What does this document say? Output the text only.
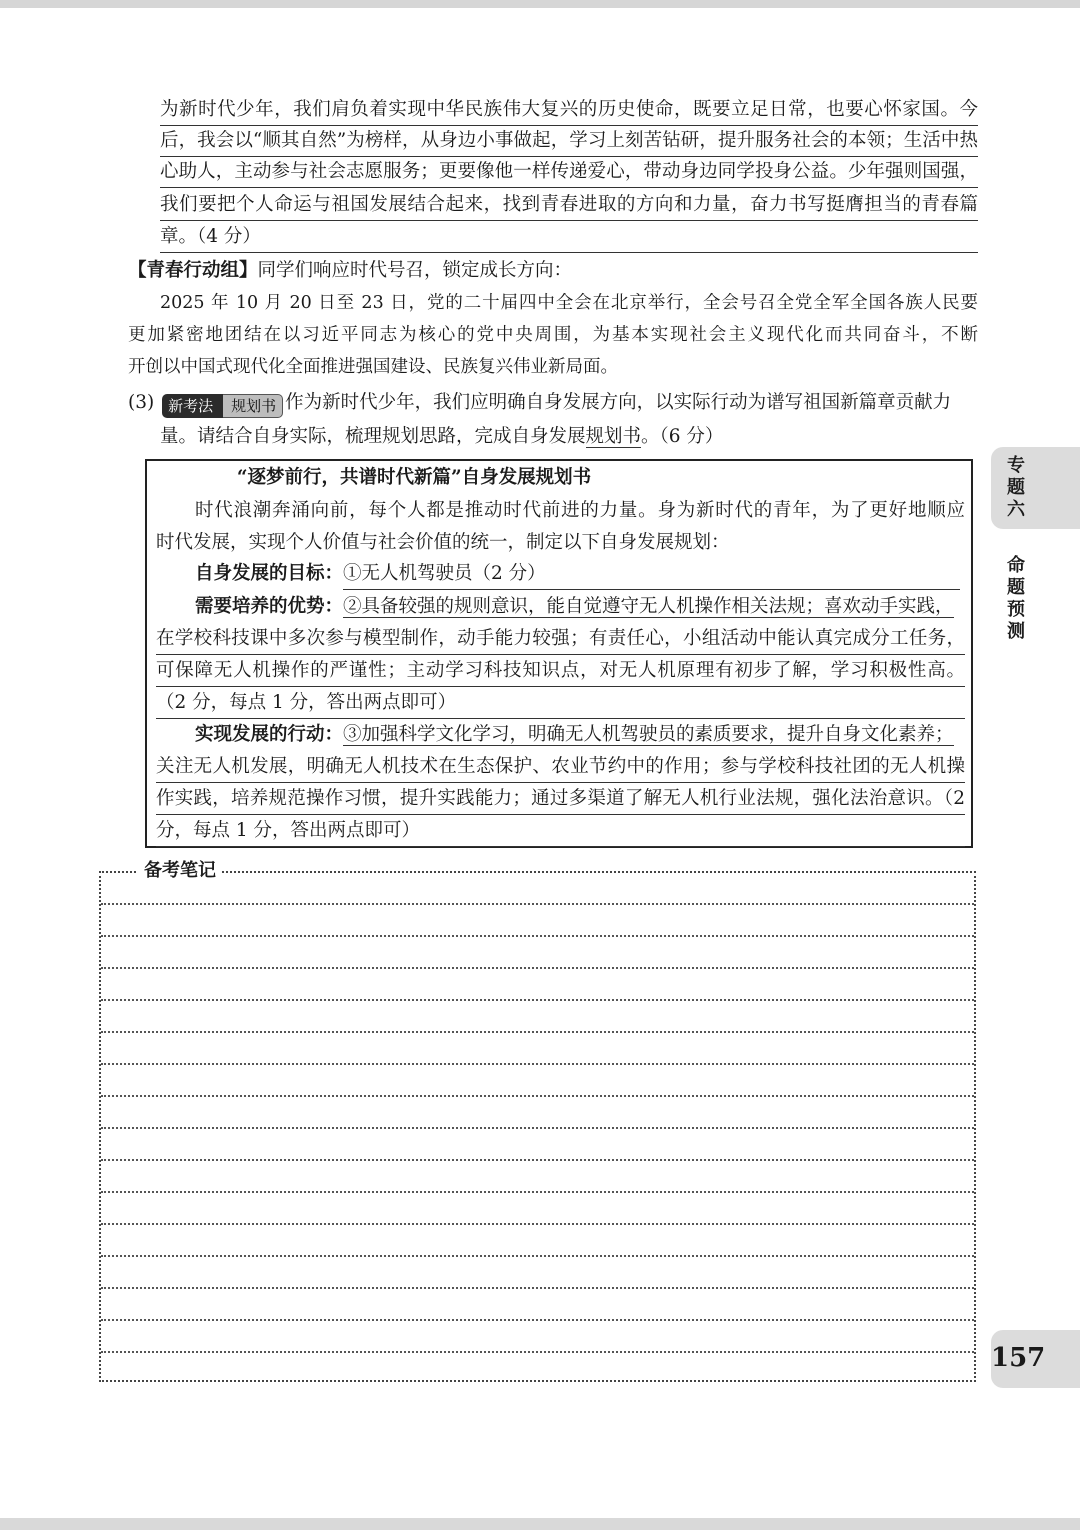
为新时代少年，我们肩负着实现中华民族伟大复兴的历史使命，既要立足日常，也要心怀家国。今
后，我会以“顺其自然”为榜样，从身边小事做起，学习上刻苦钻研，提升服务社会的本领；生活中热
心助人，主动参与社会志愿服务；更要像他一样传递爱心，带动身边同学投身公益。少年强则国强，
我们要把个人命运与祖国发展结合起来，找到青春进取的方向和力量，奋力书写挺膺担当的青春篇
章。（4 分）
【青春行动组】同学们响应时代号召，锁定成长方向：
2025 年 10 月 20 日至 23 日，党的二十届四中全会在北京举行，全会号召全党全军全国各族人民要
更加紧密地团结在以习近平同志为核心的党中央周围，为基本实现社会主义现代化而共同奋斗，不断
开创以中国式现代化全面推进强国建设、民族复兴伟业新局面。
(3) 新考法 规划书 作为新时代少年，我们应明确自身发展方向，以实际行动为谱写祖国新篇章贡献力
量。请结合自身实际，梳理规划思路，完成自身发展规划书。（6 分）
“逐梦前行，共谱时代新篇”自身发展规划书
时代浪潮奔涌向前，每个人都是推动时代前进的力量。身为新时代的青年，为了更好地顺应
时代发展，实现个人价值与社会价值的统一，制定以下自身发展规划：
自身发展的目标：①无人机驾驶员（2 分）
需要培养的优势：②具备较强的规则意识，能自觉遵守无人机操作相关法规；喜欢动手实践，
在学校科技课中多次参与模型制作，动手能力较强；有责任心，小组活动中能认真完成分工任务，
可保障无人机操作的严谨性；主动学习科技知识点，对无人机原理有初步了解，学习积极性高。
（2 分，每点 1 分，答出两点即可）
实现发展的行动：③加强科学文化学习，明确无人机驾驶员的素质要求，提升自身文化素养；
关注无人机发展，明确无人机技术在生态保护、农业节约中的作用；参与学校科技社团的无人机操
作实践，培养规范操作习惯，提升实践能力；通过多渠道了解无人机行业法规，强化法治意识。（2
分，每点 1 分，答出两点即可）
专题六
命题预测
备考笔记
157
